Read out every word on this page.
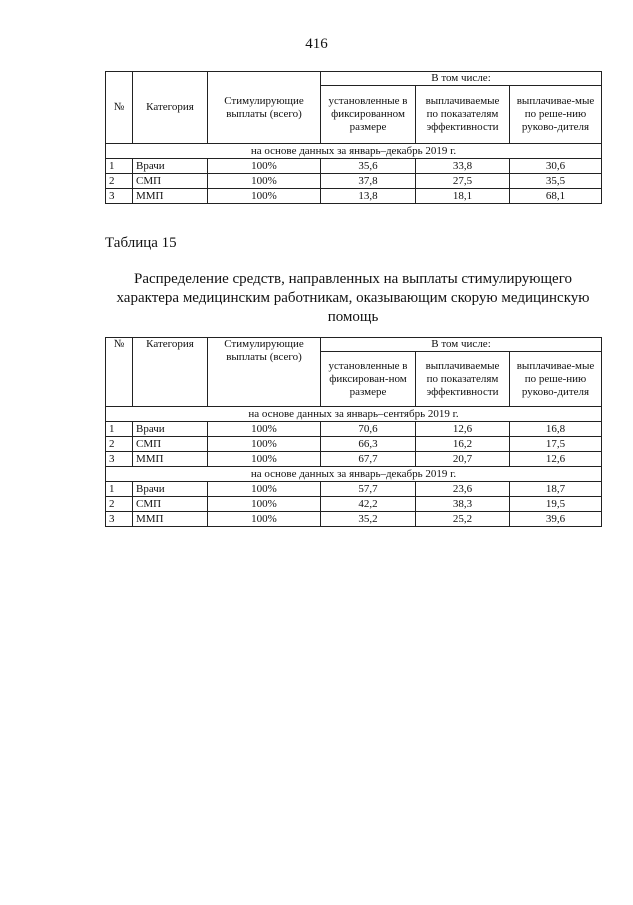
416
№	Категория	Стимулирующие выплаты (всего)	В том числе:		
			установленные в фиксированном размере	выплачиваемые по показателям эффективности	выплачивае-мые по реше-нию руково-дителя
на основе данных за январь–декабрь 2019 г.					
1	Врачи	100%	35,6	33,8	30,6
2	СМП	100%	37,8	27,5	35,5
3	ММП	100%	13,8	18,1	68,1
Таблица 15
Распределение средств, направленных на выплаты стимулирующего характера медицинским работникам, оказывающим скорую медицинскую помощь
№	Категория	Стимулирующие выплаты (всего)	В том числе:		
			установленные в фиксирован-ном размере	выплачиваемые по показателям эффективности	выплачивае-мые по реше-нию руково-дителя
на основе данных за январь–сентябрь 2019 г.					
1	Врачи	100%	70,6	12,6	16,8
2	СМП	100%	66,3	16,2	17,5
3	ММП	100%	67,7	20,7	12,6
на основе данных за январь–декабрь 2019 г.					
1	Врачи	100%	57,7	23,6	18,7
2	СМП	100%	42,2	38,3	19,5
3	ММП	100%	35,2	25,2	39,6
